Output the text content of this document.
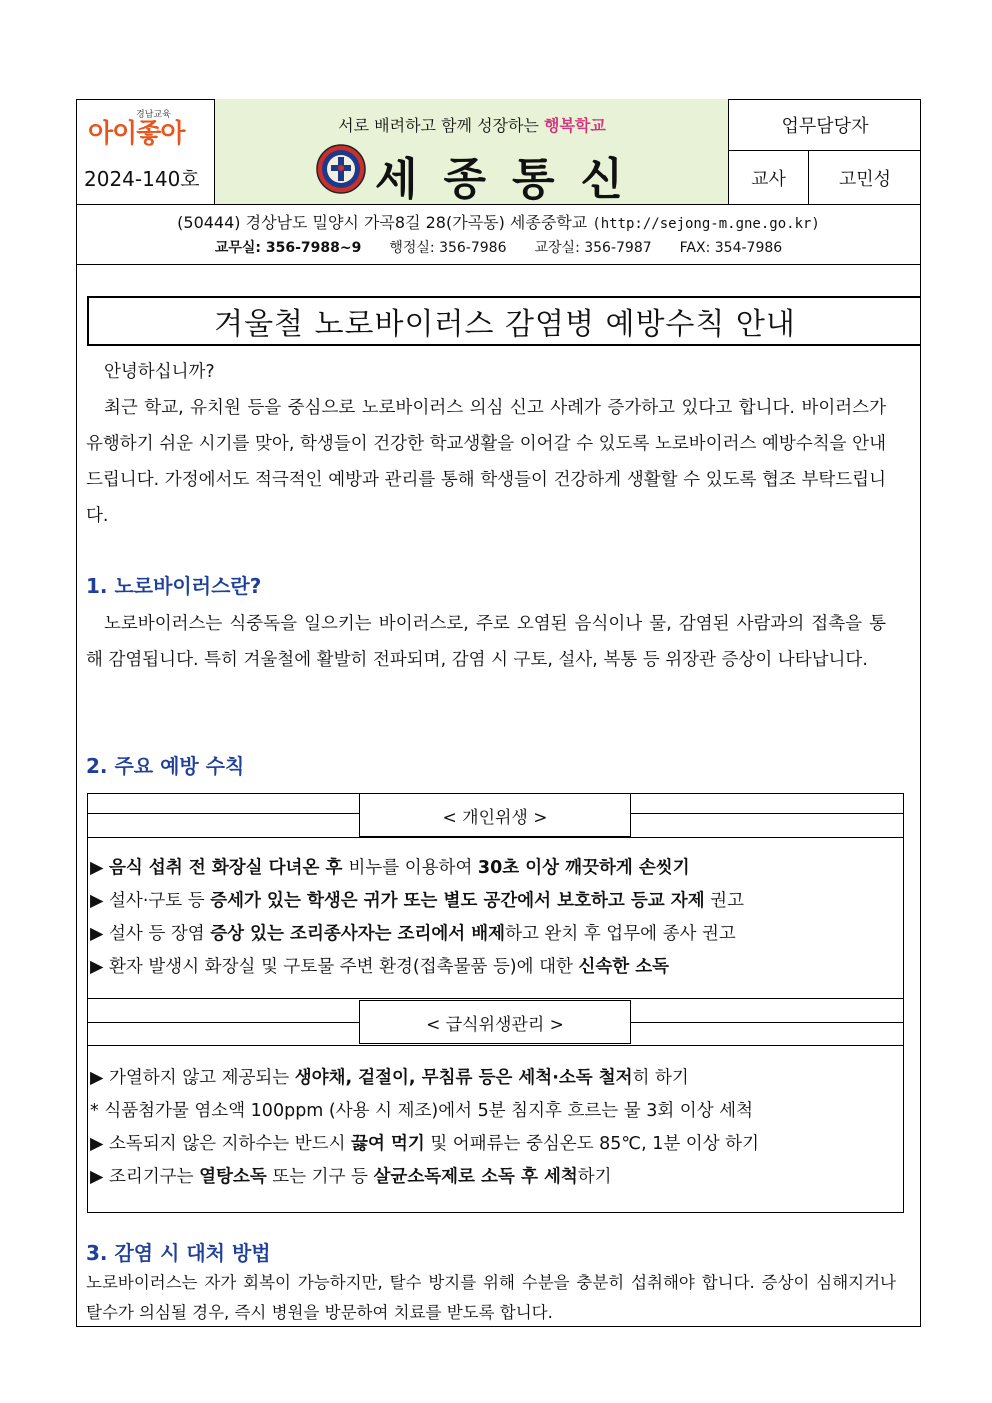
경남교육
아이좋아
2024-140호
서로 배려하고 함께 성장하는 행복학교
세종통신
업무담당자
교사	고민성
(50444) 경상남도 밀양시 가곡8길 28(가곡동) 세종중학교 (http://sejong-m.gne.go.kr)
교무실: 356-7988~9 행정실: 356-7986 교장실: 356-7987 FAX: 354-7986
겨울철 노로바이러스 감염병 예방수칙 안내
안녕하십니까?
최근 학교, 유치원 등을 중심으로 노로바이러스 의심 신고 사례가 증가하고 있다고 합니다. 바이러스가 유행하기 쉬운 시기를 맞아, 학생들이 건강한 학교생활을 이어갈 수 있도록 노로바이러스 예방수칙을 안내드립니다. 가정에서도 적극적인 예방과 관리를 통해 학생들이 건강하게 생활할 수 있도록 협조 부탁드립니다.
1. 노로바이러스란?
노로바이러스는 식중독을 일으키는 바이러스로, 주로 오염된 음식이나 물, 감염된 사람과의 접촉을 통해 감염됩니다. 특히 겨울철에 활발히 전파되며, 감염 시 구토, 설사, 복통 등 위장관 증상이 나타납니다.
2. 주요 예방 수칙
< 개인위생 >
▶ 음식 섭취 전 화장실 다녀온 후 비누를 이용하여 30초 이상 깨끗하게 손씻기
▶ 설사·구토 등 증세가 있는 학생은 귀가 또는 별도 공간에서 보호하고 등교 자제 권고
▶ 설사 등 장염 증상 있는 조리종사자는 조리에서 배제하고 완치 후 업무에 종사 권고
▶ 환자 발생시 화장실 및 구토물 주변 환경(접촉물품 등)에 대한 신속한 소독
< 급식위생관리 >
▶ 가열하지 않고 제공되는 생야채, 겉절이, 무침류 등은 세척·소독 철저히 하기
* 식품첨가물 염소액 100ppm (사용 시 제조)에서 5분 침지후 흐르는 물 3회 이상 세척
▶ 소독되지 않은 지하수는 반드시 끓여 먹기 및 어패류는 중심온도 85℃, 1분 이상 하기
▶ 조리기구는 열탕소독 또는 기구 등 살균소독제로 소독 후 세척하기
3. 감염 시 대처 방법
노로바이러스는 자가 회복이 가능하지만, 탈수 방지를 위해 수분을 충분히 섭취해야 합니다. 증상이 심해지거나 탈수가 의심될 경우, 즉시 병원을 방문하여 치료를 받도록 합니다.
